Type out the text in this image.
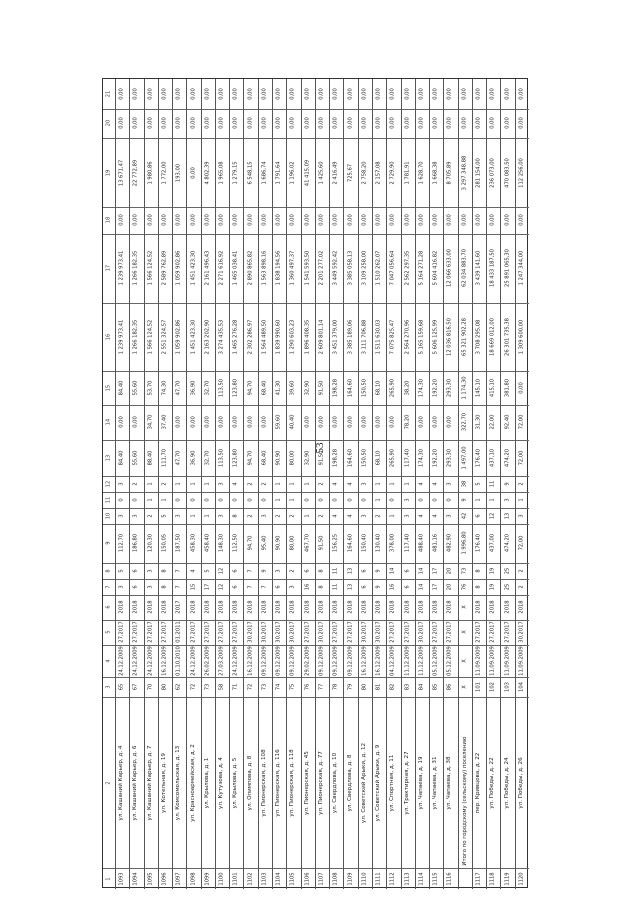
53
1
2
3
4
5
6
7
8
9
10
11
12
13
14
15
16
17
18
19
20
21
1093
ул. Кашаний Карьер, д. 4
65
24.12.2009
27.2017
2018
3
5
112,70
3
0
3
84,40
0,00
84,40
1 239 973,41
1 239 973,41
0,00
13 671,47
0,00
0,00
1094
ул. Кашаний Карьер, д. 6
67
24.12.2009
27.2017
2018
6
6
186,80
3
0
2
55,60
0,00
55,60
1 266 182,35
1 266 182,35
0,00
22 772,89
0,00
0,00
1095
ул. Кашаний Карьер, д. 7
70
24.12.2009
27.2017
2018
3
3
120,30
2
1
1
88,40
34,70
53,70
1 566 124,52
1 566 124,52
0,00
1 980,86
0,00
0,00
1096
ул. Котельная, д. 19
80
16.12.2009
27.2017
2018
8
8
150,05
5
1
2
111,70
37,40
74,30
2 551 324,57
2 589 762,89
0,00
1 772,00
0,00
0,00
1097
ул. Комсомольская, д. 13
62
01.10.2010
01.2011
2017
7
7
187,50
3
0
1
47,70
0,00
47,70
1 059 902,86
1 059 902,86
0,00
193,00
0,00
0,00
1098
ул. Красноармейская, д. 2
72
24.12.2009
27.2017
2018
15
4
458,30
1
0
1
36,90
0,00
36,90
1 451 423,30
1 451 423,30
0,00
0,00
0,00
0,00
1099
ул. Крылова, д. 1
73
26.02.2009
27.2017
2018
17
5
458,40
1
0
1
32,70
0,00
32,70
2 163 202,90
2 161 496,43
0,00
4 802,39
0,00
0,00
1100
ул. Кутузова, д. 4
58
27.03.2009
27.2017
2018
12
12
148,30
3
0
3
113,50
0,00
113,50
3 274 435,53
2 271 616,92
0,00
1 965,08
0,00
0,00
1101
ул. Крылова, д. 5
71
24.12.2009
27.2017
2018
6
6
112,50
8
0
4
123,80
0,00
123,80
1 465 276,28
1 465 038,41
0,00
1 279,15
0,00
0,00
1102
ул. Олимпова, д. 8
72
16.12.2009
30.2017
2018
7
7
94,70
2
0
2
94,70
0,00
94,70
2 302 286,97
2 890 865,82
0,00
6 548,15
0,00
0,00
1103
ул. Пионерская, д. 108
73
09.12.2009
30.2017
2018
7
9
95,40
3
0
2
68,40
0,00
68,40
1 564 489,50
1 563 898,16
0,00
1 686,74
0,00
0,00
1104
ул. Пионерская, д. 116
74
09.12.2009
30.2017
2018
6
3
90,90
2
1
1
90,90
59,60
41,30
1 839 990,60
1 838 194,56
0,00
1 791,64
0,00
0,00
1105
ул. Пионерская, д. 118
75
09.12.2009
30.2017
2018
3
2
80,00
2
1
1
80,00
40,40
39,60
1 290 603,23
1 360 497,37
0,00
1 196,02
0,00
0,00
1106
ул. Пионерская, д. 45
76
29.02.2009
27.2017
2018
16
6
467,70
1
0
1
32,90
0,00
32,90
1 896 408,35
1 541 593,50
0,00
41 415,09
0,00
0,00
1107
ул. Пионерская, д. 77
77
09.12.2009
30.2017
2018
8
8
91,50
2
0
2
91,50
0,00
91,50
2 609 801,14
2 201 277,02
0,00
1 425,60
0,00
0,00
1108
ул. Свердлова, д. 10
78
09.12.2009
27.2017
2018
11
11
156,25
4
0
4
198,28
0,00
198,28
3 451 379,00
3 449 592,42
0,00
2 416,49
0,00
0,00
1109
ул. Свердлова, д. 8
79
09.12.2009
27.2017
2018
13
13
164,60
4
0
4
164,60
0,00
164,60
3 385 189,06
3 385 058,13
0,00
725,67
0,00
0,00
1110
ул. Советский Арыки, д. 12
80
16.12.2009
30.2017
2018
6
6
150,40
3
0
3
150,50
0,00
150,50
3 111 706,88
3 109 258,00
0,00
2 758,20
0,00
0,00
1111
ул. Советский Арыки, д. 9
81
16.12.2009
30.2017
2018
9
9
130,40
2
1
1
68,10
0,00
68,10
1 511 630,03
1 510 262,07
0,00
2 157,08
0,00
0,00
1112
ул. Спортная, д. 11
82
04.12.2009
27.2017
2018
16
14
378,00
1
0
1
265,90
0,00
265,90
7 075 825,47
7 047 056,64
0,00
2 729,90
0,00
0,00
1113
ул. Трактирная, д. 27
83
11.12.2009
27.2017
2018
6
6
117,40
3
3
1
117,40
78,20
38,20
2 564 270,96
2 562 297,35
0,00
1 781,91
0,00
0,00
1114
ул. Чапаева, д. 19
84
11.12.2009
30.2017
2018
14
14
488,40
4
0
4
174,30
0,00
174,30
5 165 159,68
5 164 271,28
0,00
1 628,70
0,00
0,00
1115
ул. Чапаева, д. 31
85
05.12.2009
27.2017
2018
17
17
481,16
4
0
4
192,20
0,00
192,20
5 606 125,99
5 604 416,82
0,00
1 668,38
0,00
0,00
1116
ул. Чапаева, д. 38
86
05.12.2009
27.2017
2018
20
20
482,90
3
0
3
293,30
0,00
293,30
12 036 816,50
12 066 633,00
0,00
8 705,89
0,00
0,00
Итого по городскому (сельскому) поселению
X
X
X
X
76
73
1 996,80
42
9
38
1 497,00
322,70
1 174,30
65 321 902,28
62 034 883,70
0,00
3 297 348,88
0,00
0,00
1117
пер. Кривцова, д. 22
101
11.09.2009
27.2017
2018
8
8
176,40
6
1
5
176,40
31,30
145,10
3 708 295,08
3 439 141,60
0,00
281 154,00
0,00
0,00
1118
ул. Победы, д. 22
102
11.09.2009
27.2017
2018
19
19
437,00
12
1
11
437,10
22,00
415,10
18 669 012,00
18 433 187,50
0,00
236 073,00
0,00
0,00
1119
ул. Победы, д. 24
103
11.09.2009
27.2017
2018
25
25
474,20
13
3
9
474,20
92,40
381,80
26 301 735,38
25 891 065,30
0,00
470 083,50
0,00
0,00
1120
ул. Победы, д. 26
104
11.09.2009
30.2017
2018
2
2
72,00
3
1
2
72,00
72,00
0,00
1 309 600,00
1 247 344,00
0,00
112 256,00
0,00
0,00
